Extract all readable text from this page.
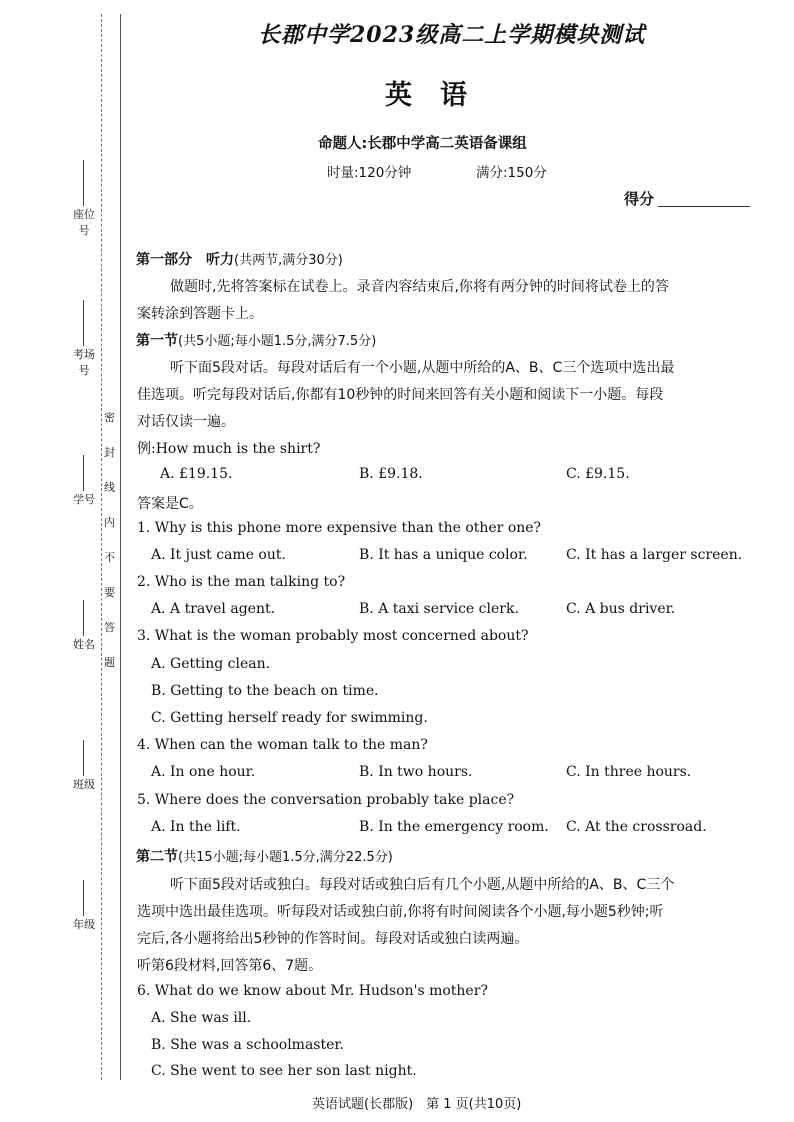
座位号
考场号
学号
姓名
班级
年级
密封线内不要答题
长郡中学2023级高二上学期模块测试
英语
命题人:长郡中学高二英语备课组
时量:120分钟	满分:150分
得分
第一部分　听力(共两节,满分30分)
做题时,先将答案标在试卷上。录音内容结束后,你将有两分钟的时间将试卷上的答
案转涂到答题卡上。
第一节(共5小题;每小题1.5分,满分7.5分)
听下面5段对话。每段对话后有一个小题,从题中所给的A、B、C三个选项中选出最
佳选项。听完每段对话后,你都有10秒钟的时间来回答有关小题和阅读下一小题。每段
对话仅读一遍。
例:How much is the shirt?
A. £19.15.	B. £9.18.	C. £9.15.
答案是C。
1. Why is this phone more expensive than the other one?
A. It just came out.	B. It has a unique color.	C. It has a larger screen.
2. Who is the man talking to?
A. A travel agent.	B. A taxi service clerk.	C. A bus driver.
3. What is the woman probably most concerned about?
A. Getting clean.
B. Getting to the beach on time.
C. Getting herself ready for swimming.
4. When can the woman talk to the man?
A. In one hour.	B. In two hours.	C. In three hours.
5. Where does the conversation probably take place?
A. In the lift.	B. In the emergency room. C. At the crossroad.
第二节(共15小题;每小题1.5分,满分22.5分)
听下面5段对话或独白。每段对话或独白后有几个小题,从题中所给的A、B、C三个
选项中选出最佳选项。听每段对话或独白前,你将有时间阅读各个小题,每小题5秒钟;听
完后,各小题将给出5秒钟的作答时间。每段对话或独白读两遍。
听第6段材料,回答第6、7题。
6. What do we know about Mr. Hudson's mother?
A. She was ill.
B. She was a schoolmaster.
C. She went to see her son last night.
英语试题(长郡版)　第 1 页(共10页)
